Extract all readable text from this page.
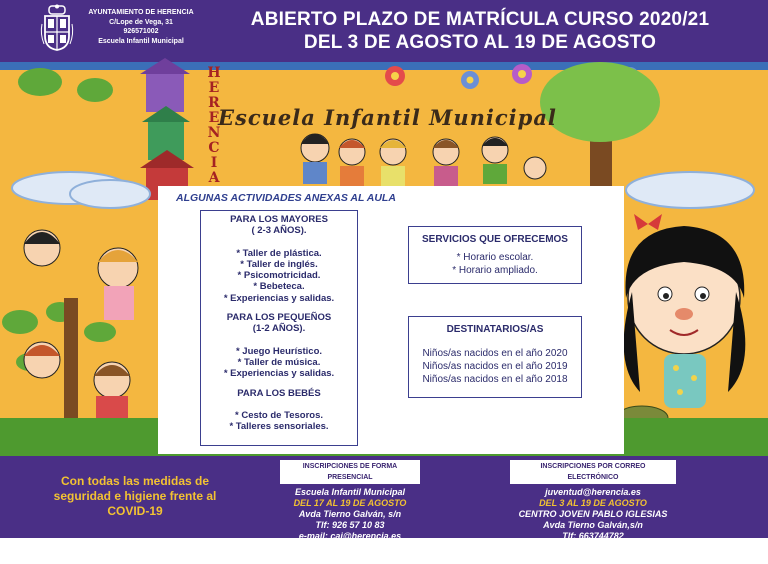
AYUNTAMIENTO DE HERENCIA
C/Lope de Vega, 31
926571002
Escuela Infantil Municipal
ABIERTO PLAZO DE MATRÍCULA CURSO 2020/21
DEL 3 DE AGOSTO AL 19 DE AGOSTO
H
E
R
E
N
C
I
A
Escuela Infantil Municipal
ALGUNAS ACTIVIDADES ANEXAS AL AULA
PARA LOS MAYORES
( 2-3 AÑOS).
* Taller de plástica.
* Taller de inglés.
* Psicomotricidad.
* Bebeteca.
* Experiencias y salidas.
PARA LOS PEQUEÑOS
(1-2 AÑOS).
* Juego Heurístico.
* Taller de música.
* Experiencias y salidas.
PARA LOS BEBÉS
* Cesto de Tesoros.
* Talleres sensoriales.
SERVICIOS QUE OFRECEMOS
* Horario escolar.
* Horario ampliado.
DESTINATARIOS/AS
Niños/as nacidos en el año 2020
Niños/as nacidos en el año 2019
Niños/as nacidos en el año 2018
Con todas las medidas de
seguridad e higiene frente al
COVID-19
INSCRIPCIONES DE FORMA PRESENCIAL
Escuela Infantil Municipal
DEL 17 AL 19 DE AGOSTO
Avda Tierno Galván, s/n
Tlf: 926 57 10 83
e-mail: cai@herencia.es
Persona de contacto: María José
INSCRIPCIONES POR CORREO ELECTRÓNICO
juventud@herencia.es
DEL 3 AL 19 DE AGOSTO
CENTRO JOVEN PABLO IGLESIAS
Avda Tierno Galván,s/n
Tlf: 663744782
Persona de contacto María Jesús
